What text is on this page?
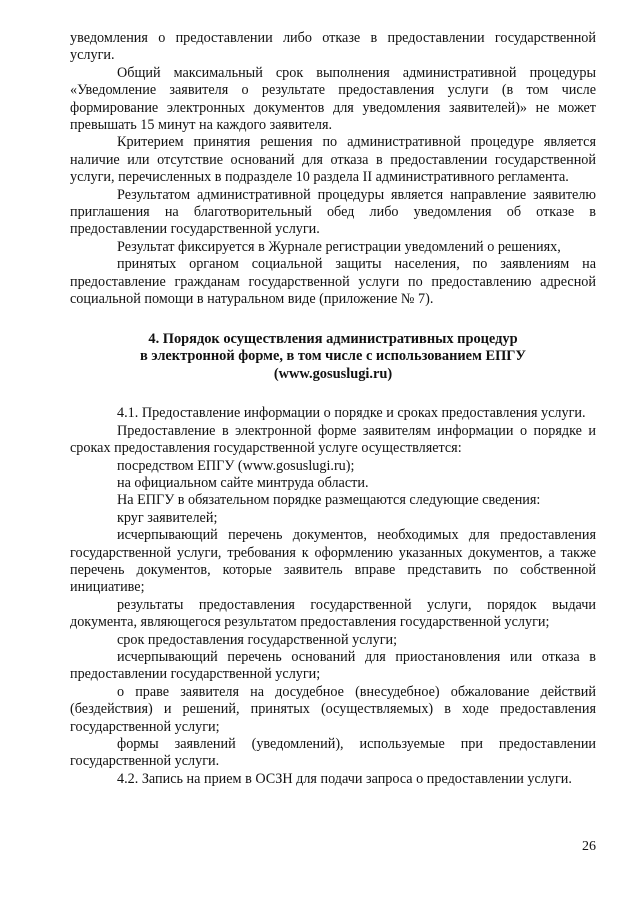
уведомления о предоставлении либо отказе в предоставлении государственной услуги.

Общий максимальный срок выполнения административной процедуры «Уведомление заявителя о результате предоставления услуги (в том числе формирование электронных документов для уведомления заявителей)» не может превышать 15 минут на каждого заявителя.

Критерием принятия решения по административной процедуре является наличие или отсутствие оснований для отказа в предоставлении государственной услуги, перечисленных в подразделе 10 раздела II административного регламента.

Результатом административной процедуры является направление заявителю приглашения на благотворительный обед либо уведомления об отказе в предоставлении государственной услуги.

Результат фиксируется в Журнале регистрации уведомлений о решениях,

принятых органом социальной защиты населения, по заявлениям на предоставление гражданам государственной услуги по предоставлению адресной социальной помощи в натуральном виде (приложение № 7).

4. Порядок осуществления административных процедур
в электронной форме, в том числе с использованием ЕПГУ
(www.gosuslugi.ru)

4.1. Предоставление информации о порядке и сроках предоставления услуги.

Предоставление в электронной форме заявителям информации о порядке и сроках предоставления государственной услуге осуществляется:

посредством ЕПГУ (www.gosuslugi.ru);

на официальном сайте минтруда области.

На ЕПГУ в обязательном порядке размещаются следующие сведения:

круг заявителей;

исчерпывающий перечень документов, необходимых для предоставления государственной услуги, требования к оформлению указанных документов, а также перечень документов, которые заявитель вправе представить по собственной инициативе;

результаты предоставления государственной услуги, порядок выдачи документа, являющегося результатом предоставления государственной услуги;

срок предоставления государственной услуги;

исчерпывающий перечень оснований для приостановления или отказа в предоставлении государственной услуги;

о праве заявителя на досудебное (внесудебное) обжалование действий (бездействия) и решений, принятых (осуществляемых) в ходе предоставления государственной услуги;

формы заявлений (уведомлений), используемые при предоставлении государственной услуги.

4.2. Запись на прием в ОСЗН для подачи запроса о предоставлении услуги.

26
